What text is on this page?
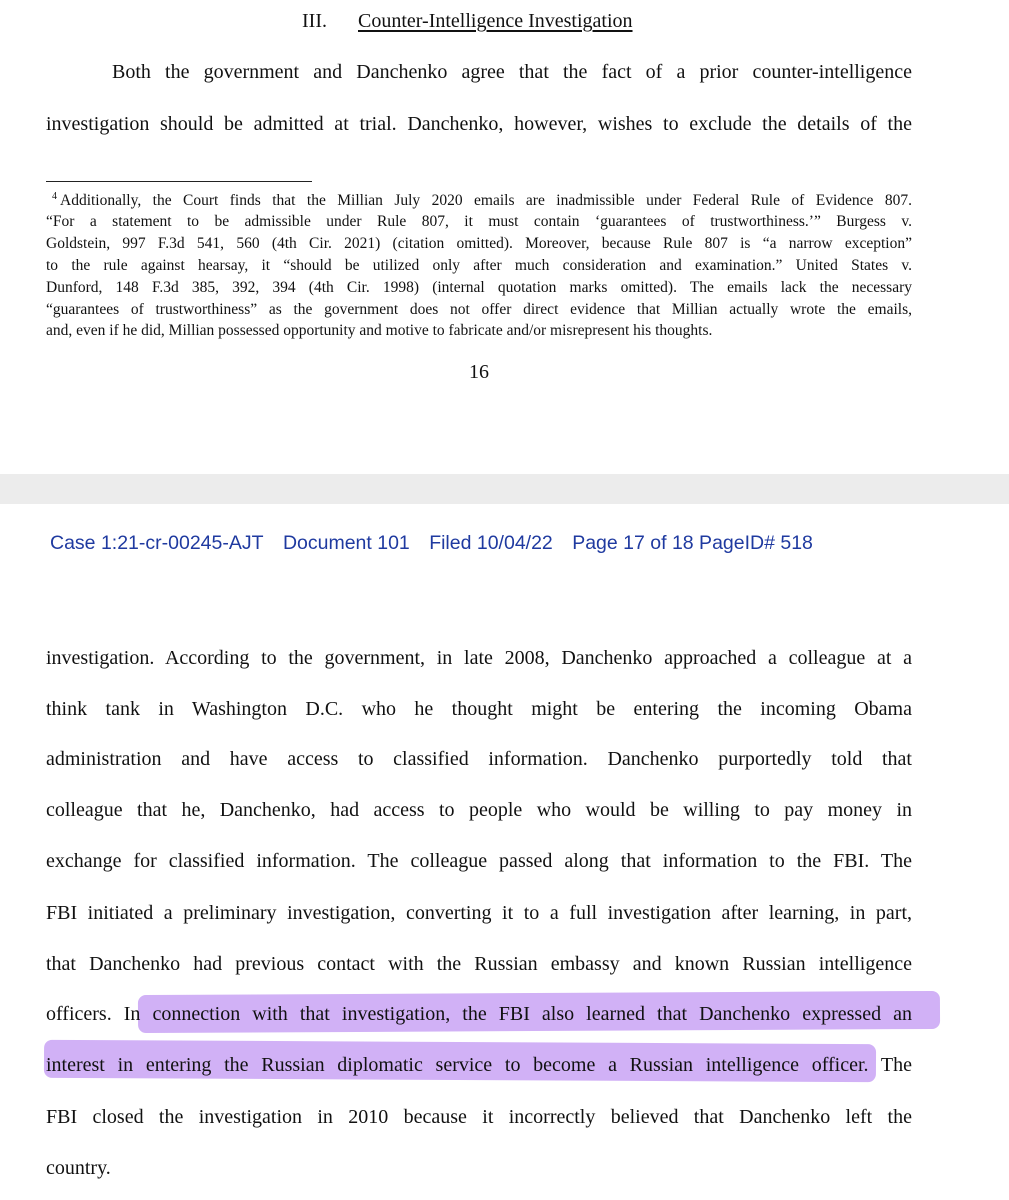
III. Counter-Intelligence Investigation
Both the government and Danchenko agree that the fact of a prior counter-intelligence
investigation should be admitted at trial. Danchenko, however, wishes to exclude the details of the
$^4$ Additionally, the Court finds that the Millian July 2020 emails are inadmissible under Federal Rule of Evidence 807.
“For a statement to be admissible under Rule 807, it must contain ‘guarantees of trustworthiness.’” Burgess v.
Goldstein, 997 F.3d 541, 560 (4th Cir. 2021) (citation omitted). Moreover, because Rule 807 is “a narrow exception”
to the rule against hearsay, it “should be utilized only after much consideration and examination.” United States v.
Dunford, 148 F.3d 385, 392, 394 (4th Cir. 1998) (internal quotation marks omitted). The emails lack the necessary
“guarantees of trustworthiness” as the government does not offer direct evidence that Millian actually wrote the emails,
and, even if he did, Millian possessed opportunity and motive to fabricate and/or misrepresent his thoughts.
16
Case 1:21-cr-00245-AJT Document 101 Filed 10/04/22 Page 17 of 18 PageID# 518
investigation. According to the government, in late 2008, Danchenko approached a colleague at a
think tank in Washington D.C. who he thought might be entering the incoming Obama
administration and have access to classified information. Danchenko purportedly told that
colleague that he, Danchenko, had access to people who would be willing to pay money in
exchange for classified information. The colleague passed along that information to the FBI. The
FBI initiated a preliminary investigation, converting it to a full investigation after learning, in part,
that Danchenko had previous contact with the Russian embassy and known Russian intelligence
officers. In connection with that investigation, the FBI also learned that Danchenko expressed an
interest in entering the Russian diplomatic service to become a Russian intelligence officer. The
FBI closed the investigation in 2010 because it incorrectly believed that Danchenko left the
country.
